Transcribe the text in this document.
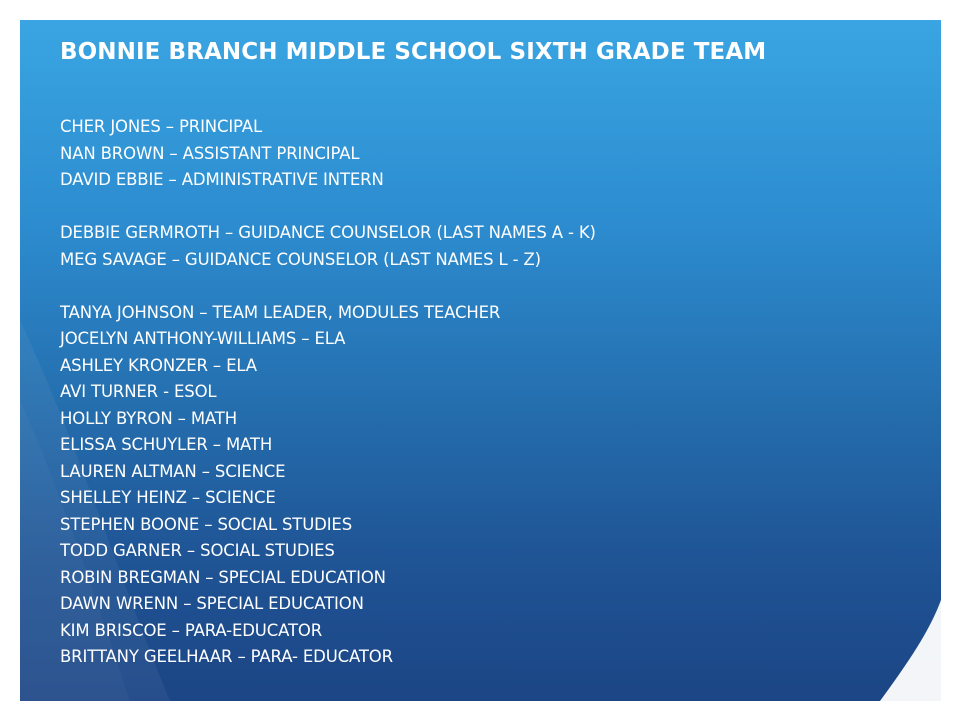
BONNIE BRANCH MIDDLE SCHOOL SIXTH GRADE TEAM
CHER JONES – PRINCIPAL
NAN BROWN – ASSISTANT PRINCIPAL
DAVID EBBIE – ADMINISTRATIVE INTERN
DEBBIE GERMROTH – GUIDANCE COUNSELOR (LAST NAMES A - K)
MEG SAVAGE – GUIDANCE COUNSELOR (LAST NAMES L - Z)
TANYA JOHNSON – TEAM LEADER, MODULES TEACHER
JOCELYN ANTHONY-WILLIAMS – ELA
ASHLEY KRONZER – ELA
AVI TURNER - ESOL
HOLLY BYRON – MATH
ELISSA SCHUYLER – MATH
LAUREN ALTMAN – SCIENCE
SHELLEY HEINZ – SCIENCE
STEPHEN BOONE – SOCIAL STUDIES
TODD GARNER – SOCIAL STUDIES
ROBIN BREGMAN – SPECIAL EDUCATION
DAWN WRENN – SPECIAL EDUCATION
KIM BRISCOE – PARA-EDUCATOR
BRITTANY GEELHAAR – PARA- EDUCATOR
